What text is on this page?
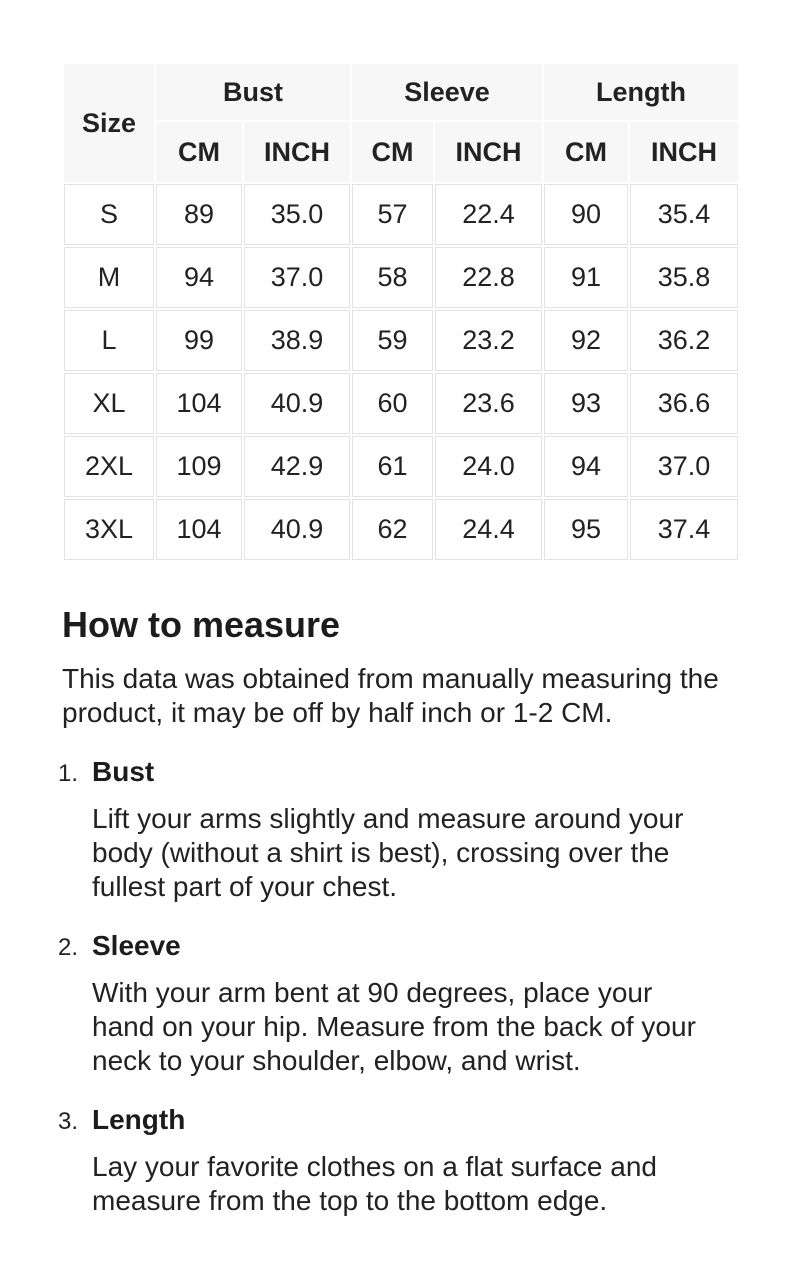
Size	Bust		Sleeve		Length	
	CM	INCH	CM	INCH	CM	INCH
S	89	35.0	57	22.4	90	35.4
M	94	37.0	58	22.8	91	35.8
L	99	38.9	59	23.2	92	36.2
XL	104	40.9	60	23.6	93	36.6
2XL	109	42.9	61	24.0	94	37.0
3XL	104	40.9	62	24.4	95	37.4
How to measure

This data was obtained from manually measuring the product, it may be off by half inch or 1-2 CM.

1. Bust

Lift your arms slightly and measure around your body (without a shirt is best), crossing over the fullest part of your chest.

2. Sleeve

With your arm bent at 90 degrees, place your hand on your hip. Measure from the back of your neck to your shoulder, elbow, and wrist.

3. Length

Lay your favorite clothes on a flat surface and measure from the top to the bottom edge.
